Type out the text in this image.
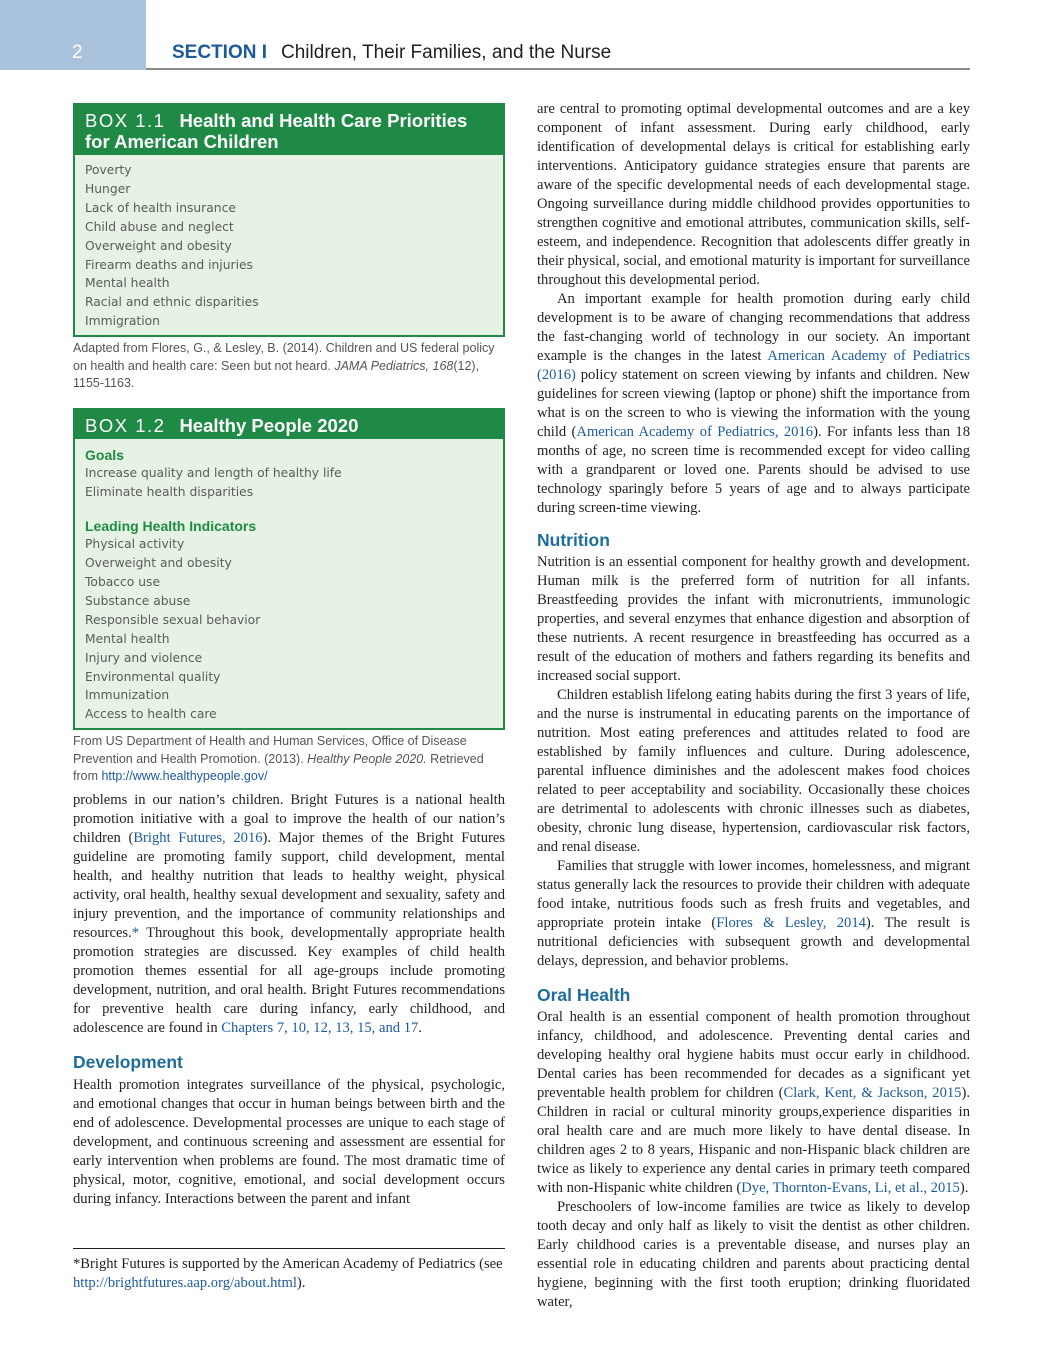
2	SECTION I Children, Their Families, and the Nurse
BOX 1.1 Health and Health Care Priorities for American Children
Poverty
Hunger
Lack of health insurance
Child abuse and neglect
Overweight and obesity
Firearm deaths and injuries
Mental health
Racial and ethnic disparities
Immigration
Adapted from Flores, G., & Lesley, B. (2014). Children and US federal policy on health and health care: Seen but not heard. JAMA Pediatrics, 168(12), 1155-1163.
BOX 1.2 Healthy People 2020
Goals
Increase quality and length of healthy life
Eliminate health disparities
Leading Health Indicators
Physical activity
Overweight and obesity
Tobacco use
Substance abuse
Responsible sexual behavior
Mental health
Injury and violence
Environmental quality
Immunization
Access to health care
From US Department of Health and Human Services, Office of Disease Prevention and Health Promotion. (2013). Healthy People 2020. Retrieved from http://www.healthypeople.gov/

problems in our nation’s children. Bright Futures is a national health promotion initiative with a goal to improve the health of our nation’s children (Bright Futures, 2016). Major themes of the Bright Futures guideline are promoting family support, child development, mental health, and healthy nutrition that leads to healthy weight, physical activity, oral health, healthy sexual development and sexuality, safety and injury prevention, and the importance of community relationships and resources.* Throughout this book, developmentally appropriate health promotion strategies are discussed. Key examples of child health promotion themes essential for all age-groups include promoting development, nutrition, and oral health. Bright Futures recommendations for preventive health care during infancy, early childhood, and adolescence are found in Chapters 7, 10, 12, 13, 15, and 17.

Development

Health promotion integrates surveillance of the physical, psychologic, and emotional changes that occur in human beings between birth and the end of adolescence. Developmental processes are unique to each stage of development, and continuous screening and assessment are essential for early intervention when problems are found. The most dramatic time of physical, motor, cognitive, emotional, and social development occurs during infancy. Interactions between the parent and infant

*Bright Futures is supported by the American Academy of Pediatrics (see http://brightfutures.aap.org/about.html).

are central to promoting optimal developmental outcomes and are a key component of infant assessment. During early childhood, early identification of developmental delays is critical for establishing early interventions. Anticipatory guidance strategies ensure that parents are aware of the specific developmental needs of each developmental stage. Ongoing surveillance during middle childhood provides opportunities to strengthen cognitive and emotional attributes, communication skills, self-esteem, and independence. Recognition that adolescents differ greatly in their physical, social, and emotional maturity is important for surveillance throughout this developmental period.

An important example for health promotion during early child development is to be aware of changing recommendations that address the fast-changing world of technology in our society. An important example is the changes in the latest American Academy of Pediatrics (2016) policy statement on screen viewing by infants and children. New guidelines for screen viewing (laptop or phone) shift the importance from what is on the screen to who is viewing the information with the young child (American Academy of Pediatrics, 2016). For infants less than 18 months of age, no screen time is recommended except for video calling with a grandparent or loved one. Parents should be advised to use technology sparingly before 5 years of age and to always participate during screen-time viewing.

Nutrition

Nutrition is an essential component for healthy growth and development. Human milk is the preferred form of nutrition for all infants. Breastfeeding provides the infant with micronutrients, immunologic properties, and several enzymes that enhance digestion and absorption of these nutrients. A recent resurgence in breastfeeding has occurred as a result of the education of mothers and fathers regarding its benefits and increased social support.

Children establish lifelong eating habits during the first 3 years of life, and the nurse is instrumental in educating parents on the importance of nutrition. Most eating preferences and attitudes related to food are established by family influences and culture. During adolescence, parental influence diminishes and the adolescent makes food choices related to peer acceptability and sociability. Occasionally these choices are detrimental to adolescents with chronic illnesses such as diabetes, obesity, chronic lung disease, hypertension, cardiovascular risk factors, and renal disease.

Families that struggle with lower incomes, homelessness, and migrant status generally lack the resources to provide their children with adequate food intake, nutritious foods such as fresh fruits and vegetables, and appropriate protein intake (Flores & Lesley, 2014). The result is nutritional deficiencies with subsequent growth and developmental delays, depression, and behavior problems.

Oral Health

Oral health is an essential component of health promotion throughout infancy, childhood, and adolescence. Preventing dental caries and developing healthy oral hygiene habits must occur early in childhood. Dental caries has been recommended for decades as a significant yet preventable health problem for children (Clark, Kent, & Jackson, 2015). Children in racial or cultural minority groups,experience disparities in oral health care and are much more likely to have dental disease. In children ages 2 to 8 years, Hispanic and non-Hispanic black children are twice as likely to experience any dental caries in primary teeth compared with non-Hispanic white children (Dye, Thornton-Evans, Li, et al., 2015).

Preschoolers of low-income families are twice as likely to develop tooth decay and only half as likely to visit the dentist as other children. Early childhood caries is a preventable disease, and nurses play an essential role in educating children and parents about practicing dental hygiene, beginning with the first tooth eruption; drinking fluoridated water,
